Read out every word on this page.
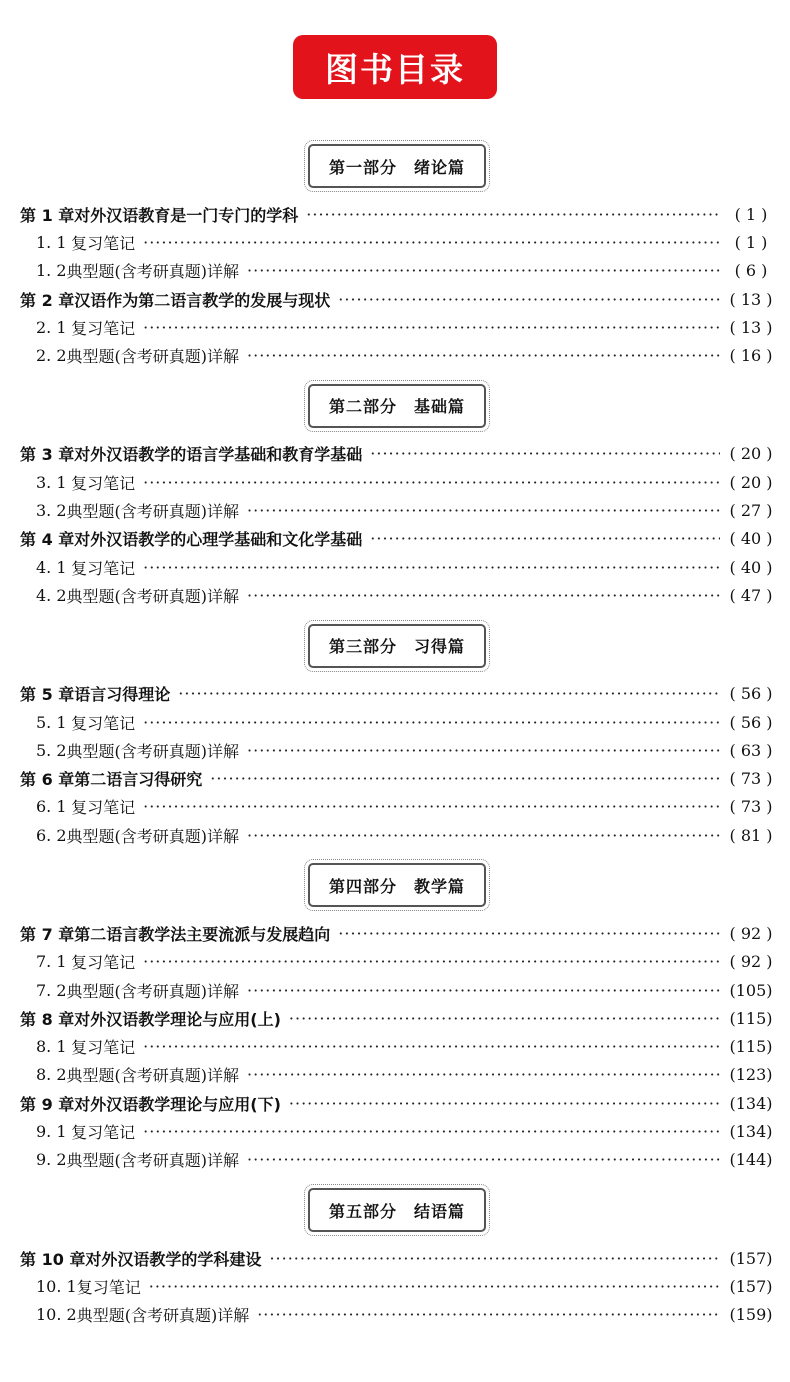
图书目录
第一部分　绪论篇
第 1 章 对外汉语教育是一门专门的学科 ·····	( 1 )
1. 1 复习笔记 ·····	( 1 )
1. 2 典型题(含考研真题)详解 ·····	( 6 )
第 2 章 汉语作为第二语言教学的发展与现状 ·····	( 13 )
2. 1 复习笔记 ·····	( 13 )
2. 2 典型题(含考研真题)详解 ·····	( 16 )
第二部分　基础篇
第 3 章 对外汉语教学的语言学基础和教育学基础 ·····	( 20 )
3. 1 复习笔记 ·····	( 20 )
3. 2 典型题(含考研真题)详解 ·····	( 27 )
第 4 章 对外汉语教学的心理学基础和文化学基础 ·····	( 40 )
4. 1 复习笔记 ·····	( 40 )
4. 2 典型题(含考研真题)详解 ·····	( 47 )
第三部分　习得篇
第 5 章 语言习得理论 ·····	( 56 )
5. 1 复习笔记 ·····	( 56 )
5. 2 典型题(含考研真题)详解 ·····	( 63 )
第 6 章 第二语言习得研究 ·····	( 73 )
6. 1 复习笔记 ·····	( 73 )
6. 2 典型题(含考研真题)详解 ·····	( 81 )
第四部分　教学篇
第 7 章 第二语言教学法主要流派与发展趋向 ·····	( 92 )
7. 1 复习笔记 ·····	( 92 )
7. 2 典型题(含考研真题)详解 ·····	(105)
第 8 章 对外汉语教学理论与应用(上) ·····	(115)
8. 1 复习笔记 ·····	(115)
8. 2 典型题(含考研真题)详解 ·····	(123)
第 9 章 对外汉语教学理论与应用(下) ·····	(134)
9. 1 复习笔记 ·····	(134)
9. 2 典型题(含考研真题)详解 ·····	(144)
第五部分　结语篇
第 10 章 对外汉语教学的学科建设 ·····	(157)
10. 1 复习笔记 ·····	(157)
10. 2 典型题(含考研真题)详解 ·····	(159)
